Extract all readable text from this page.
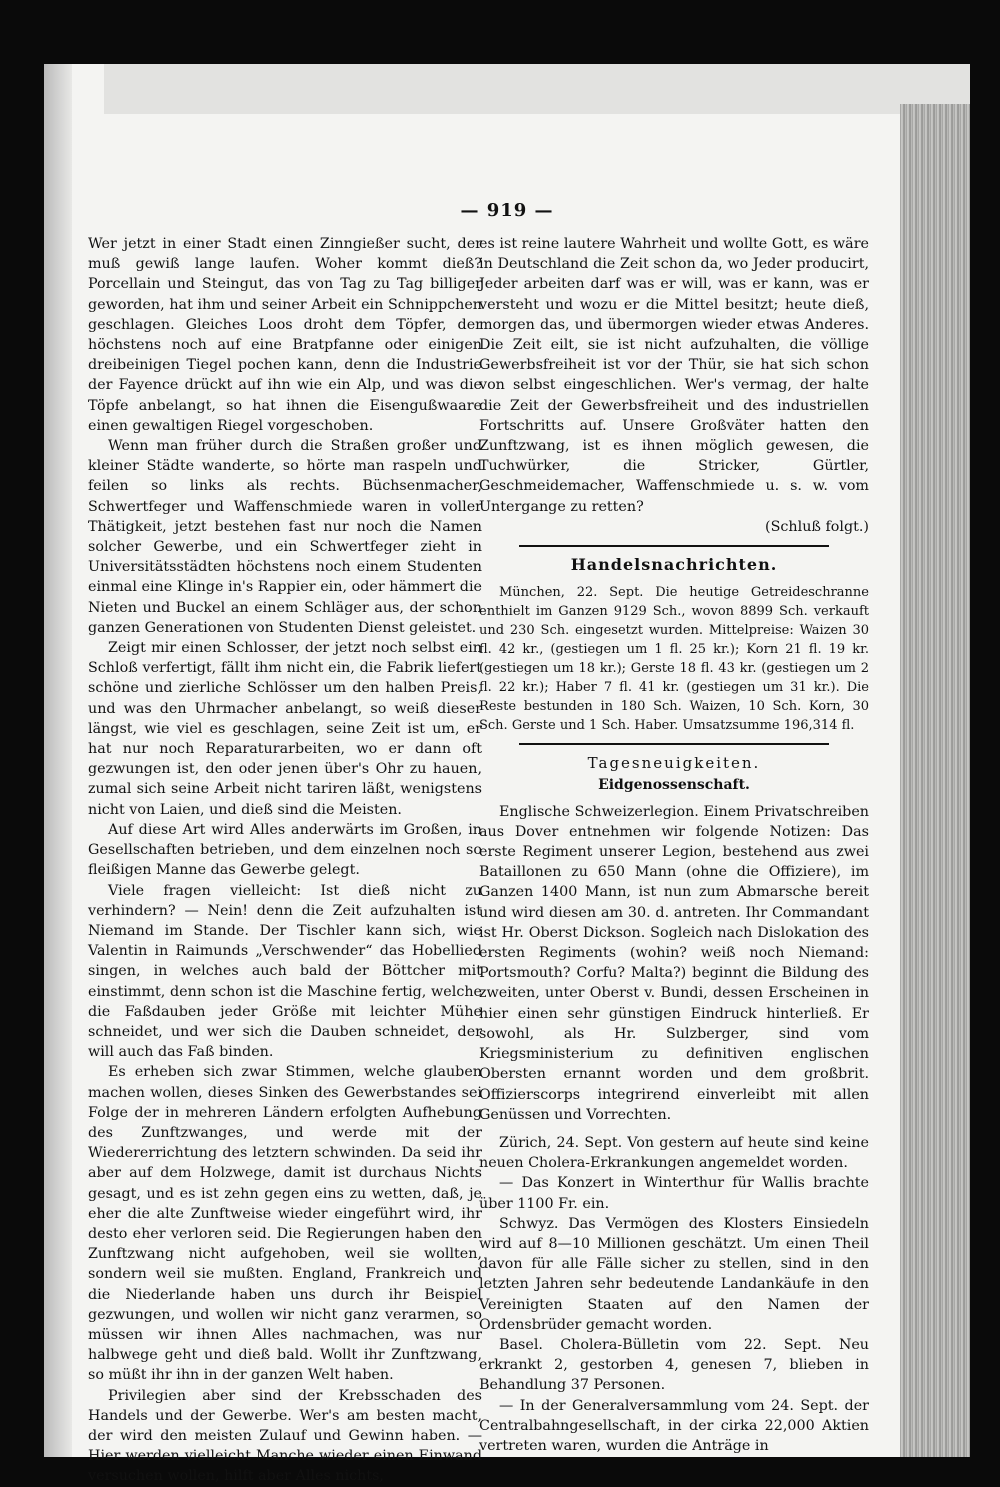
— 919 —

Wer jetzt in einer Stadt einen Zinngießer sucht, der muß gewiß lange laufen. Woher kommt dieß? Porcellain und Steingut, das von Tag zu Tag billiger geworden, hat ihm und seiner Arbeit ein Schnippchen geschlagen. Gleiches Loos droht dem Töpfer, der höchstens noch auf eine Bratpfanne oder einigen dreibeinigen Tiegel pochen kann, denn die Industrie der Fayence drückt auf ihn wie ein Alp, und was die Töpfe anbelangt, so hat ihnen die Eisengußwaare einen gewaltigen Riegel vorgeschoben.

Wenn man früher durch die Straßen großer und kleiner Städte wanderte, so hörte man raspeln und feilen so links als rechts. Büchsenmacher, Schwertfeger und Waffenschmiede waren in voller Thätigkeit, jetzt bestehen fast nur noch die Namen solcher Gewerbe, und ein Schwertfeger zieht in Universitätsstädten höchstens noch einem Studenten einmal eine Klinge in's Rappier ein, oder hämmert die Nieten und Buckel an einem Schläger aus, der schon ganzen Generationen von Studenten Dienst geleistet.

Zeigt mir einen Schlosser, der jetzt noch selbst ein Schloß verfertigt, fällt ihm nicht ein, die Fabrik liefert schöne und zierliche Schlösser um den halben Preis, und was den Uhrmacher anbelangt, so weiß dieser längst, wie viel es geschlagen, seine Zeit ist um, er hat nur noch Reparaturarbeiten, wo er dann oft gezwungen ist, den oder jenen über's Ohr zu hauen, zumal sich seine Arbeit nicht tariren läßt, wenigstens nicht von Laien, und dieß sind die Meisten.

Auf diese Art wird Alles anderwärts im Großen, in Gesellschaften betrieben, und dem einzelnen noch so fleißigen Manne das Gewerbe gelegt.

Viele fragen vielleicht: Ist dieß nicht zu verhindern? — Nein! denn die Zeit aufzuhalten ist Niemand im Stande. Der Tischler kann sich, wie Valentin in Raimunds „Verschwender“ das Hobellied singen, in welches auch bald der Böttcher mit einstimmt, denn schon ist die Maschine fertig, welche die Faßdauben jeder Größe mit leichter Mühe schneidet, und wer sich die Dauben schneidet, der will auch das Faß binden.

Es erheben sich zwar Stimmen, welche glauben machen wollen, dieses Sinken des Gewerbstandes sei Folge der in mehreren Ländern erfolgten Aufhebung des Zunftzwanges, und werde mit der Wiedererrichtung des letztern schwinden. Da seid ihr aber auf dem Holzwege, damit ist durchaus Nichts gesagt, und es ist zehn gegen eins zu wetten, daß, je eher die alte Zunftweise wieder eingeführt wird, ihr desto eher verloren seid. Die Regierungen haben den Zunftzwang nicht aufgehoben, weil sie wollten, sondern weil sie mußten. England, Frankreich und die Niederlande haben uns durch ihr Beispiel gezwungen, und wollen wir nicht ganz verarmen, so müssen wir ihnen Alles nachmachen, was nur halbwege geht und dieß bald. Wollt ihr Zunftzwang, so müßt ihr ihn in der ganzen Welt haben.

Privilegien aber sind der Krebsschaden des Handels und der Gewerbe. Wer's am besten macht, der wird den meisten Zulauf und Gewinn haben. — Hier werden vielleicht Manche wieder einen Einwand versuchen wollen, hilft aber Alles nichts,

es ist reine lautere Wahrheit und wollte Gott, es wäre in Deutschland die Zeit schon da, wo Jeder producirt, Jeder arbeiten darf was er will, was er kann, was er versteht und wozu er die Mittel besitzt; heute dieß, morgen das, und übermorgen wieder etwas Anderes. Die Zeit eilt, sie ist nicht aufzuhalten, die völlige Gewerbsfreiheit ist vor der Thür, sie hat sich schon von selbst eingeschlichen. Wer's vermag, der halte die Zeit der Gewerbsfreiheit und des industriellen Fortschritts auf. Unsere Großväter hatten den Zunftzwang, ist es ihnen möglich gewesen, die Tuchwürker, die Stricker, Gürtler, Geschmeidemacher, Waffenschmiede u. s. w. vom Untergange zu retten?

(Schluß folgt.)

Handelsnachrichten.

München, 22. Sept. Die heutige Getreideschranne enthielt im Ganzen 9129 Sch., wovon 8899 Sch. verkauft und 230 Sch. eingesetzt wurden. Mittelpreise: Waizen 30 fl. 42 kr., (gestiegen um 1 fl. 25 kr.); Korn 21 fl. 19 kr. (gestiegen um 18 kr.); Gerste 18 fl. 43 kr. (gestiegen um 2 fl. 22 kr.); Haber 7 fl. 41 kr. (gestiegen um 31 kr.). Die Reste bestunden in 180 Sch. Waizen, 10 Sch. Korn, 30 Sch. Gerste und 1 Sch. Haber. Umsatzsumme 196,314 fl.

Tagesneuigkeiten.
Eidgenossenschaft.

Englische Schweizerlegion. Einem Privatschreiben aus Dover entnehmen wir folgende Notizen: Das erste Regiment unserer Legion, bestehend aus zwei Bataillonen zu 650 Mann (ohne die Offiziere), im Ganzen 1400 Mann, ist nun zum Abmarsche bereit und wird diesen am 30. d. antreten. Ihr Commandant ist Hr. Oberst Dickson. Sogleich nach Dislokation des ersten Regiments (wohin? weiß noch Niemand: Portsmouth? Corfu? Malta?) beginnt die Bildung des zweiten, unter Oberst v. Bundi, dessen Erscheinen in hier einen sehr günstigen Eindruck hinterließ. Er sowohl, als Hr. Sulzberger, sind vom Kriegsministerium zu definitiven englischen Obersten ernannt worden und dem großbrit. Offizierscorps integrirend einverleibt mit allen Genüssen und Vorrechten.

Zürich, 24. Sept. Von gestern auf heute sind keine neuen Cholera-Erkrankungen angemeldet worden.

— Das Konzert in Winterthur für Wallis brachte über 1100 Fr. ein.

Schwyz. Das Vermögen des Klosters Einsiedeln wird auf 8—10 Millionen geschätzt. Um einen Theil davon für alle Fälle sicher zu stellen, sind in den letzten Jahren sehr bedeutende Landankäufe in den Vereinigten Staaten auf den Namen der Ordensbrüder gemacht worden.

Basel. Cholera-Bülletin vom 22. Sept. Neu erkrankt 2, gestorben 4, genesen 7, blieben in Behandlung 37 Personen.

— In der Generalversammlung vom 24. Sept. der Centralbahngesellschaft, in der cirka 22,000 Aktien vertreten waren, wurden die Anträge in
